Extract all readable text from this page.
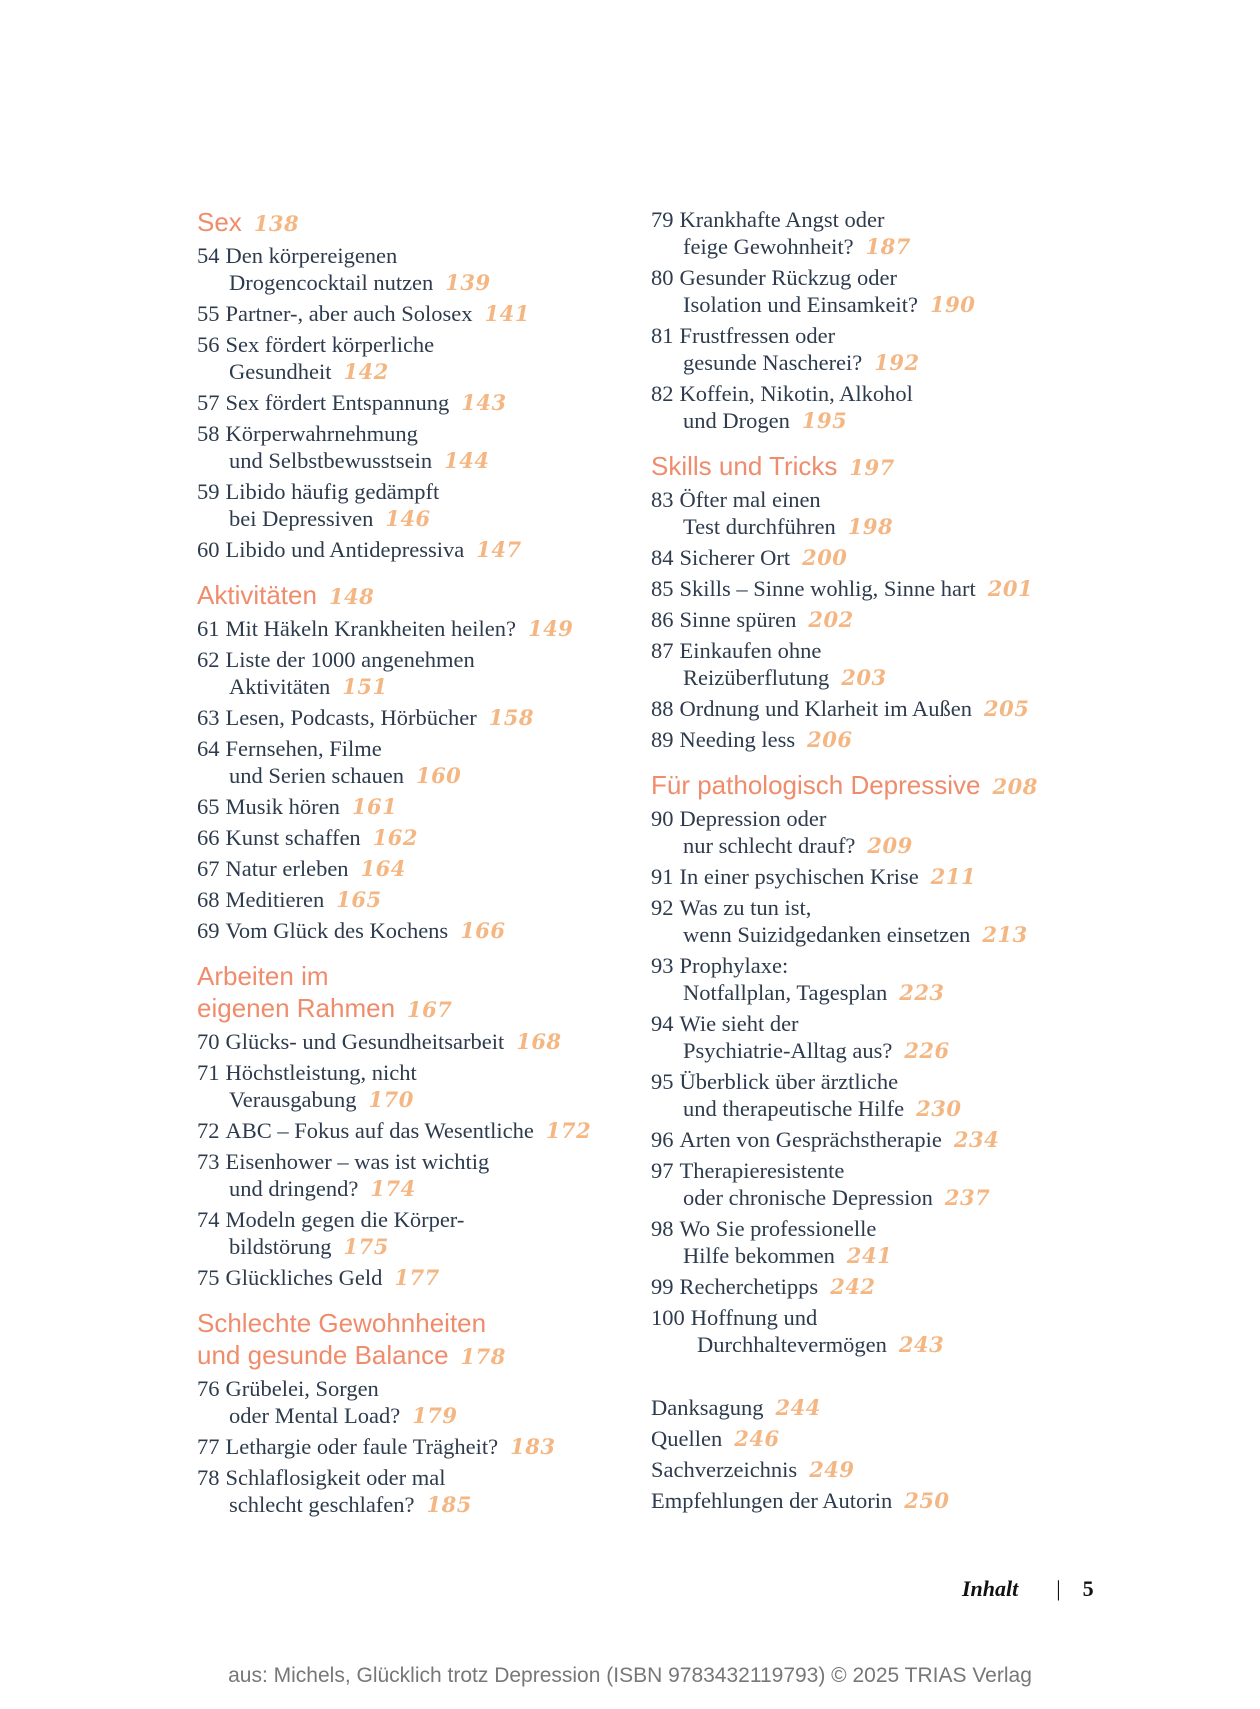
Sex 138
54 Den körpereigenen
Drogencocktail nutzen 139
55 Partner-, aber auch Solosex 141
56 Sex fördert körperliche
Gesundheit 142
57 Sex fördert Entspannung 143
58 Körperwahrnehmung
und Selbstbewusstsein 144
59 Libido häufig gedämpft
bei Depressiven 146
60 Libido und Antidepressiva 147
Aktivitäten 148
61 Mit Häkeln Krankheiten heilen? 149
62 Liste der 1000 angenehmen
Aktivitäten 151
63 Lesen, Podcasts, Hörbücher 158
64 Fernsehen, Filme
und Serien schauen 160
65 Musik hören 161
66 Kunst schaffen 162
67 Natur erleben 164
68 Meditieren 165
69 Vom Glück des Kochens 166
Arbeiten im
eigenen Rahmen 167
70 Glücks- und Gesundheitsarbeit 168
71 Höchstleistung, nicht
Verausgabung 170
72 ABC – Fokus auf das Wesentliche 172
73 Eisenhower – was ist wichtig
und dringend? 174
74 Modeln gegen die Körper-
bildstörung 175
75 Glückliches Geld 177
Schlechte Gewohnheiten
und gesunde Balance 178
76 Grübelei, Sorgen
oder Mental Load? 179
77 Lethargie oder faule Trägheit? 183
78 Schlaflosigkeit oder mal
schlecht geschlafen? 185
79 Krankhafte Angst oder
feige Gewohnheit? 187
80 Gesunder Rückzug oder
Isolation und Einsamkeit? 190
81 Frustfressen oder
gesunde Nascherei? 192
82 Koffein, Nikotin, Alkohol
und Drogen 195
Skills und Tricks 197
83 Öfter mal einen
Test durchführen 198
84 Sicherer Ort 200
85 Skills – Sinne wohlig, Sinne hart 201
86 Sinne spüren 202
87 Einkaufen ohne
Reizüberflutung 203
88 Ordnung und Klarheit im Außen 205
89 Needing less 206
Für pathologisch Depressive 208
90 Depression oder
nur schlecht drauf? 209
91 In einer psychischen Krise 211
92 Was zu tun ist,
wenn Suizidgedanken einsetzen 213
93 Prophylaxe:
Notfallplan, Tagesplan 223
94 Wie sieht der
Psychiatrie-Alltag aus? 226
95 Überblick über ärztliche
und therapeutische Hilfe 230
96 Arten von Gesprächstherapie 234
97 Therapieresistente
oder chronische Depression 237
98 Wo Sie professionelle
Hilfe bekommen 241
99 Recherchetipps 242
100 Hoffnung und
Durchhaltevermögen 243
Danksagung 244
Quellen 246
Sachverzeichnis 249
Empfehlungen der Autorin 250
Inhalt | 5
aus: Michels, Glücklich trotz Depression (ISBN 9783432119793) © 2025 TRIAS Verlag
